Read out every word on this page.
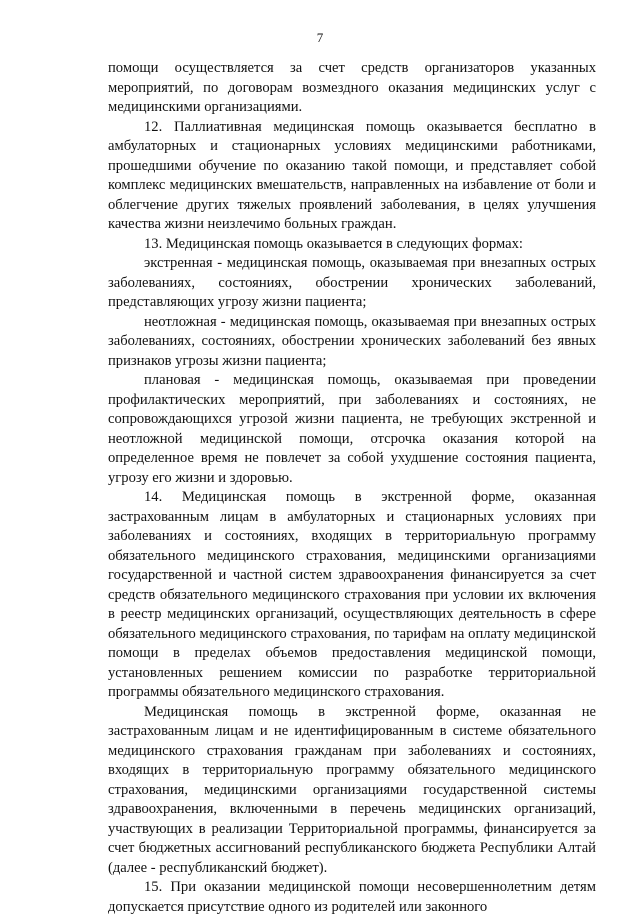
7

помощи осуществляется за счет средств организаторов указанных мероприятий, по договорам возмездного оказания медицинских услуг с медицинскими организациями.

12. Паллиативная медицинская помощь оказывается бесплатно в амбулаторных и стационарных условиях медицинскими работниками, прошедшими обучение по оказанию такой помощи, и представляет собой комплекс медицинских вмешательств, направленных на избавление от боли и облегчение других тяжелых проявлений заболевания, в целях улучшения качества жизни неизлечимо больных граждан.

13. Медицинская помощь оказывается в следующих формах:

экстренная - медицинская помощь, оказываемая при внезапных острых заболеваниях, состояниях, обострении хронических заболеваний, представляющих угрозу жизни пациента;

неотложная - медицинская помощь, оказываемая при внезапных острых заболеваниях, состояниях, обострении хронических заболеваний без явных признаков угрозы жизни пациента;

плановая - медицинская помощь, оказываемая при проведении профилактических мероприятий, при заболеваниях и состояниях, не сопровождающихся угрозой жизни пациента, не требующих экстренной и неотложной медицинской помощи, отсрочка оказания которой на определенное время не повлечет за собой ухудшение состояния пациента, угрозу его жизни и здоровью.

14. Медицинская помощь в экстренной форме, оказанная застрахованным лицам в амбулаторных и стационарных условиях при заболеваниях и состояниях, входящих в территориальную программу обязательного медицинского страхования, медицинскими организациями государственной и частной систем здравоохранения финансируется за счет средств обязательного медицинского страхования при условии их включения в реестр медицинских организаций, осуществляющих деятельность в сфере обязательного медицинского страхования, по тарифам на оплату медицинской помощи в пределах объемов предоставления медицинской помощи, установленных решением комиссии по разработке территориальной программы обязательного медицинского страхования.

Медицинская помощь в экстренной форме, оказанная не застрахованным лицам и не идентифицированным в системе обязательного медицинского страхования гражданам при заболеваниях и состояниях, входящих в территориальную программу обязательного медицинского страхования, медицинскими организациями государственной системы здравоохранения, включенными в перечень медицинских организаций, участвующих в реализации Территориальной программы, финансируется за счет бюджетных ассигнований республиканского бюджета Республики Алтай (далее - республиканский бюджет).

15. При оказании медицинской помощи несовершеннолетним детям допускается присутствие одного из родителей или законного
